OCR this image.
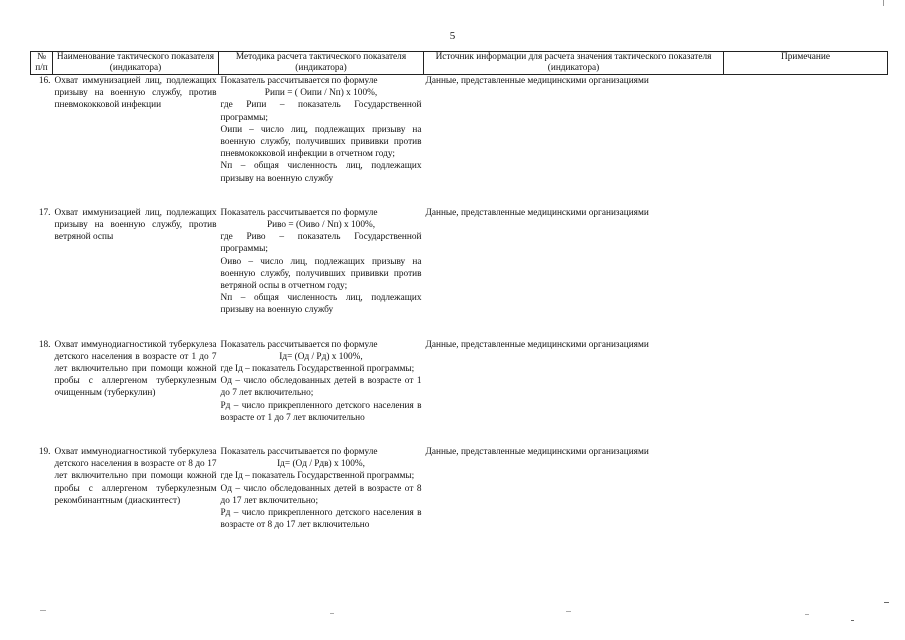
5
№
п/п	Наименование тактического показателя (индикатора)	Методика расчета тактического показателя (индикатора)	Источник информации для расчета значения тактического показателя (индикатора)	Примечание
16.	Охват иммунизацией лиц, подлежащих призыву на военную службу, против пневмококковой инфекции	Показатель рассчитывается по формуле
Pипи = ( Oипи / Nп) x 100%,
где Pипи – показатель Государственной программы;
Oипи – число лиц, подлежащих призыву на военную службу, получивших прививки против пневмококковой инфекции в отчетном году;
Nп – общая численность лиц, подлежащих призыву на военную службу	Данные, представленные медицинскими организациями	

17.	Охват иммунизацией лиц, подлежащих призыву на военную службу, против ветряной оспы	Показатель рассчитывается по формуле
Pиво = (Oиво / Nп) x 100%,
где Pиво – показатель Государственной программы;
Oиво – число лиц, подлежащих призыву на военную службу, получивших прививки против ветряной оспы в отчетном году;
Nп – общая численность лиц, подлежащих призыву на военную службу	Данные, представленные медицинскими организациями	

18.	Охват иммунодиагностикой туберкулеза детского населения в возрасте от 1 до 7 лет включительно при помощи кожной пробы с аллергеном туберкулезным очищенным (туберкулин)	Показатель рассчитывается по формуле
Iд= (Oд / Pд) x 100%,
где Iд – показатель Государственной программы;
Oд – число обследованных детей в возрасте от 1 до 7 лет включительно;
Pд – число прикрепленного детского населения в возрасте от 1 до 7 лет включительно	Данные, представленные медицинскими организациями	

19.	Охват иммунодиагностикой туберкулеза детского населения в возрасте от 8 до 17 лет включительно при помощи кожной пробы с аллергеном туберкулезным рекомбинантным (диаскинтест)	Показатель рассчитывается по формуле
Iд= (Oд / Pдв) x 100%,
где Iд – показатель Государственной программы;
Oд – число обследованных детей в возрасте от 8 до 17 лет включительно;
Pд – число прикрепленного детского населения в возрасте от 8 до 17 лет включительно	Данные, представленные медицинскими организациями	
